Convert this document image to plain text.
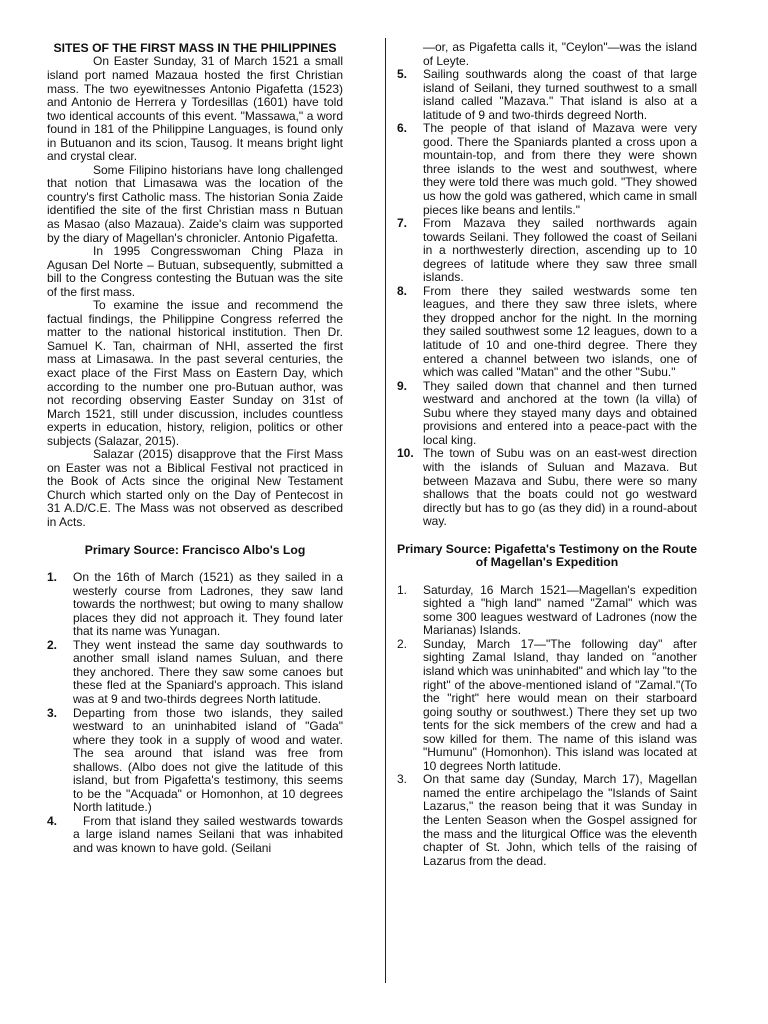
SITES OF THE FIRST MASS IN THE PHILIPPINES

On Easter Sunday, 31 of March 1521 a small island port named Mazaua hosted the first Christian mass. The two eyewitnesses Antonio Pigafetta (1523) and Antonio de Herrera y Tordesillas (1601) have told two identical accounts of this event. "Massawa," a word found in 181 of the Philippine Languages, is found only in Butuanon and its scion, Tausog. It means bright light and crystal clear.

Some Filipino historians have long challenged that notion that Limasawa was the location of the country's first Catholic mass. The historian Sonia Zaide identified the site of the first Christian mass n Butuan as Masao (also Mazaua). Zaide's claim was supported by the diary of Magellan's chronicler. Antonio Pigafetta.

In 1995 Congresswoman Ching Plaza in Agusan Del Norte – Butuan, subsequently, submitted a bill to the Congress contesting the Butuan was the site of the first mass.

To examine the issue and recommend the factual findings, the Philippine Congress referred the matter to the national historical institution. Then Dr. Samuel K. Tan, chairman of NHI, asserted the first mass at Limasawa. In the past several centuries, the exact place of the First Mass on Eastern Day, which according to the number one pro-Butuan author, was not recording observing Easter Sunday on 31st of March 1521, still under discussion, includes countless experts in education, history, religion, politics or other subjects (Salazar, 2015).

Salazar (2015) disapprove that the First Mass on Easter was not a Biblical Festival not practiced in the Book of Acts since the original New Testament Church which started only on the Day of Pentecost in 31 A.D/C.E. The Mass was not observed as described in Acts.

Primary Source: Francisco Albo's Log
1. On the 16th of March (1521) as they sailed in a westerly course from Ladrones, they saw land towards the northwest; but owing to many shallow places they did not approach it. They found later that its name was Yunagan.

2. They went instead the same day southwards to another small island names Suluan, and there they anchored. There they saw some canoes but these fled at the Spaniard's approach. This island was at 9 and two-thirds degrees North latitude.

3. Departing from those two islands, they sailed westward to an uninhabited island of "Gada" where they took in a supply of wood and water. The sea around that island was free from shallows. (Albo does not give the latitude of this island, but from Pigafetta's testimony, this seems to be the "Acquada" or Homonhon, at 10 degrees North latitude.)

4.	From that island they sailed westwards towards a large island names Seilani that was inhabited and was known to have gold. (Seilani

—or, as Pigafetta calls it, "Ceylon"—was the island of Leyte.

5. Sailing southwards along the coast of that large island of Seilani, they turned southwest to a small island called "Mazava." That island is also at a latitude of 9 and two-thirds degreed North.

6. The people of that island of Mazava were very good. There the Spaniards planted a cross upon a mountain-top, and from there they were shown three islands to the west and southwest, where they were told there was much gold. "They showed us how the gold was gathered, which came in small pieces like beans and lentils."

7. From Mazava they sailed northwards again towards Seilani. They followed the coast of Seilani in a northwesterly direction, ascending up to 10 degrees of latitude where they saw three small islands.

8. From there they sailed westwards some ten leagues, and there they saw three islets, where they dropped anchor for the night. In the morning they sailed southwest some 12 leagues, down to a latitude of 10 and one-third degree. There they entered a channel between two islands, one of which was called "Matan" and the other "Subu."

9. They sailed down that channel and then turned westward and anchored at the town (la villa) of Subu where they stayed many days and obtained provisions and entered into a peace-pact with the local king.

10. The town of Subu was on an east-west direction with the islands of Suluan and Mazava. But between Mazava and Subu, there were so many shallows that the boats could not go westward directly but has to go (as they did) in a round-about way.

Primary Source: Pigafetta's Testimony on the Route of Magellan's Expedition
1. Saturday, 16 March 1521—Magellan's expedition sighted a "high land" named "Zamal" which was some 300 leagues westward of Ladrones (now the Marianas) Islands.

2. Sunday, March 17—"The following day" after sighting Zamal Island, thay landed on "another island which was uninhabited" and which lay "to the right" of the above-mentioned island of "Zamal."(To the "right" here would mean on their starboard going southy or southwest.) There they set up two tents for the sick members of the crew and had a sow killed for them. The name of this island was "Humunu" (Homonhon). This island was located at 10 degrees North latitude.

3. On that same day (Sunday, March 17), Magellan named the entire archipelago the "Islands of Saint Lazarus," the reason being that it was Sunday in the Lenten Season when the Gospel assigned for the mass and the liturgical Office was the eleventh chapter of St. John, which tells of the raising of Lazarus from the dead.
